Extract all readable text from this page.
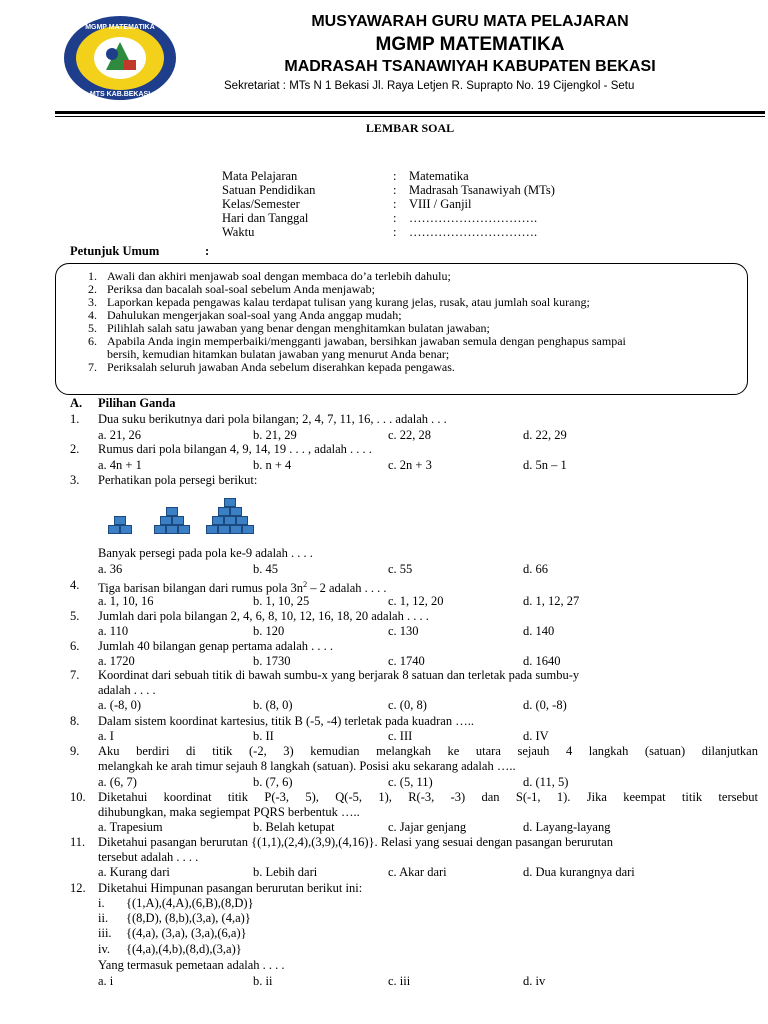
MGMP MATEMATIKA
MTS KAB.BEKASI
MUSYAWARAH GURU MATA PELAJARAN
MGMP MATEMATIKA
MADRASAH TSANAWIYAH KABUPATEN BEKASI
Sekretariat : MTs N 1 Bekasi Jl. Raya Letjen R. Suprapto No. 19 Cijengkol - Setu
LEMBAR SOAL
Mata Pelajaran	: Matematika
Satuan Pendidikan	: Madrasah Tsanawiyah (MTs)
Kelas/Semester	: VIII / Ganjil
Hari dan Tanggal	: ………………………….
Waktu	: ………………………….
Petunjuk Umum	:
1. Awali dan akhiri menjawab soal dengan membaca do’a terlebih dahulu;
2. Periksa dan bacalah soal-soal sebelum Anda menjawab;
3. Laporkan kepada pengawas kalau terdapat tulisan yang kurang jelas, rusak, atau jumlah soal kurang;
4. Dahulukan mengerjakan soal-soal yang Anda anggap mudah;
5. Pilihlah salah satu jawaban yang benar dengan menghitamkan bulatan jawaban;
6. Apabila Anda ingin memperbaiki/mengganti jawaban, bersihkan jawaban semula dengan penghapus sampai
bersih, kemudian hitamkan bulatan jawaban yang menurut Anda benar;
7. Periksalah seluruh jawaban Anda sebelum diserahkan kepada pengawas.
A. Pilihan Ganda
1. Dua suku berikutnya dari pola bilangan; 2, 4, 7, 11, 16, . . . adalah . . .
a. 21, 26	b. 21, 29	c. 22, 28	d. 22, 29
2. Rumus dari pola bilangan 4, 9, 14, 19 . . . , adalah . . . .
a. 4n + 1	b. n + 4	c. 2n + 3	d. 5n – 1
3. Perhatikan pola persegi berikut:
Banyak persegi pada pola ke-9 adalah . . . .
a. 36	b. 45	c. 55	d. 66
4. Tiga barisan bilangan dari rumus pola $3n^2 - 2$ adalah . . . .
a. 1, 10, 16	b. 1, 10, 25	c. 1, 12, 20	d. 1, 12, 27
5. Jumlah dari pola bilangan 2, 4, 6, 8, 10, 12, 16, 18, 20 adalah . . . .
a. 110	b. 120	c. 130	d. 140
6. Jumlah 40 bilangan genap pertama adalah . . . .
a. 1720	b. 1730	c. 1740	d. 1640
7. Koordinat dari sebuah titik di bawah sumbu-x yang berjarak 8 satuan dan terletak pada sumbu-y
adalah . . . .
a. (-8, 0)	b. (8, 0)	c. (0, 8)	d. (0, -8)
8. Dalam sistem koordinat kartesius, titik B (-5, -4) terletak pada kuadran …..
a. I	b. II	c. III	d. IV
9. Aku berdiri di titik (-2, 3) kemudian melangkah ke utara sejauh 4 langkah (satuan) dilanjutkan
melangkah ke arah timur sejauh 8 langkah (satuan). Posisi aku sekarang adalah …..
a. (6, 7)	b. (7, 6)	c. (5, 11)	d. (11, 5)
10. Diketahui koordinat titik P(-3, 5), Q(-5, 1), R(-3, -3) dan S(-1, 1). Jika keempat titik tersebut
dihubungkan, maka segiempat PQRS berbentuk …..
a. Trapesium	b. Belah ketupat	c. Jajar genjang	d. Layang-layang
11. Diketahui pasangan berurutan {(1,1),(2,4),(3,9),(4,16)}. Relasi yang sesuai dengan pasangan berurutan
tersebut adalah . . . .
a. Kurang dari	b. Lebih dari	c. Akar dari	d. Dua kurangnya dari
12. Diketahui Himpunan pasangan berurutan berikut ini:
i. {(1,A),(4,A),(6,B),(8,D)}
ii. {(8,D), (8,b),(3,a), (4,a)}
iii. {(4,a), (3,a), (3,a),(6,a)}
iv. {(4,a),(4,b),(8,d),(3,a)}
Yang termasuk pemetaan adalah . . . .
a. i	b. ii	c. iii	d. iv
